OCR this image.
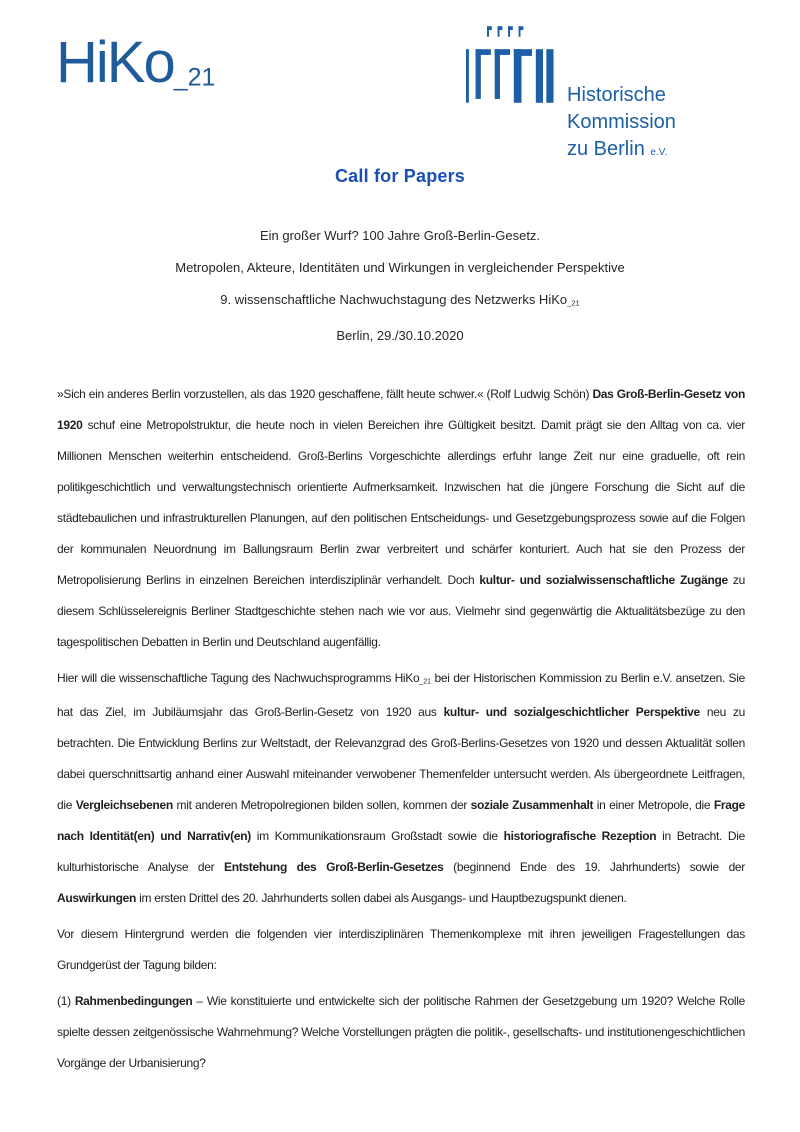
HiKo_21
Historische
Kommission
zu Berlin e.V.
Call for Papers
Ein großer Wurf? 100 Jahre Groß-Berlin-Gesetz.
Metropolen, Akteure, Identitäten und Wirkungen in vergleichender Perspektive
9. wissenschaftliche Nachwuchstagung des Netzwerks HiKo$_{\_21}$
Berlin, 29./30.10.2020

»Sich ein anderes Berlin vorzustellen, als das 1920 geschaffene, fällt heute schwer.« (Rolf Ludwig Schön) Das Groß-Berlin-Gesetz von 1920 schuf eine Metropolstruktur, die heute noch in vielen Bereichen ihre Gültigkeit besitzt. Damit prägt sie den Alltag von ca. vier Millionen Menschen weiterhin entscheidend. Groß-Berlins Vorgeschichte allerdings erfuhr lange Zeit nur eine graduelle, oft rein politikgeschichtlich und verwaltungstechnisch orientierte Aufmerksamkeit. Inzwischen hat die jüngere Forschung die Sicht auf die städtebaulichen und infrastrukturellen Planungen, auf den politischen Entscheidungs- und Gesetzgebungsprozess sowie auf die Folgen der kommunalen Neuordnung im Ballungsraum Berlin zwar verbreitert und schärfer konturiert. Auch hat sie den Prozess der Metropolisierung Berlins in einzelnen Bereichen interdisziplinär verhandelt. Doch kultur- und sozialwissenschaftliche Zugänge zu diesem Schlüsselereignis Berliner Stadtgeschichte stehen nach wie vor aus. Vielmehr sind gegenwärtig die Aktualitätsbezüge zu den tagespolitischen Debatten in Berlin und Deutschland augenfällig.

Hier will die wissenschaftliche Tagung des Nachwuchsprogramms HiKo$_{\_21}$ bei der Historischen Kommission zu Berlin e.V. ansetzen. Sie hat das Ziel, im Jubiläumsjahr das Groß-Berlin-Gesetz von 1920 aus kultur- und sozialgeschichtlicher Perspektive neu zu betrachten. Die Entwicklung Berlins zur Weltstadt, der Relevanzgrad des Groß-Berlins-Gesetzes von 1920 und dessen Aktualität sollen dabei querschnittsartig anhand einer Auswahl miteinander verwobener Themenfelder untersucht werden. Als übergeordnete Leitfragen, die Vergleichsebenen mit anderen Metropolregionen bilden sollen, kommen der soziale Zusammenhalt in einer Metropole, die Frage nach Identität(en) und Narrativ(en) im Kommunikationsraum Großstadt sowie die historiografische Rezeption in Betracht. Die kulturhistorische Analyse der Entstehung des Groß-Berlin-Gesetzes (beginnend Ende des 19. Jahrhunderts) sowie der Auswirkungen im ersten Drittel des 20. Jahrhunderts sollen dabei als Ausgangs- und Hauptbezugspunkt dienen.

Vor diesem Hintergrund werden die folgenden vier interdisziplinären Themenkomplexe mit ihren jeweiligen Fragestellungen das Grundgerüst der Tagung bilden:

(1) Rahmenbedingungen – Wie konstituierte und entwickelte sich der politische Rahmen der Gesetzgebung um 1920? Welche Rolle spielte dessen zeitgenössische Wahrnehmung? Welche Vorstellungen prägten die politik-, gesellschafts- und institutionengeschichtlichen Vorgänge der Urbanisierung?
